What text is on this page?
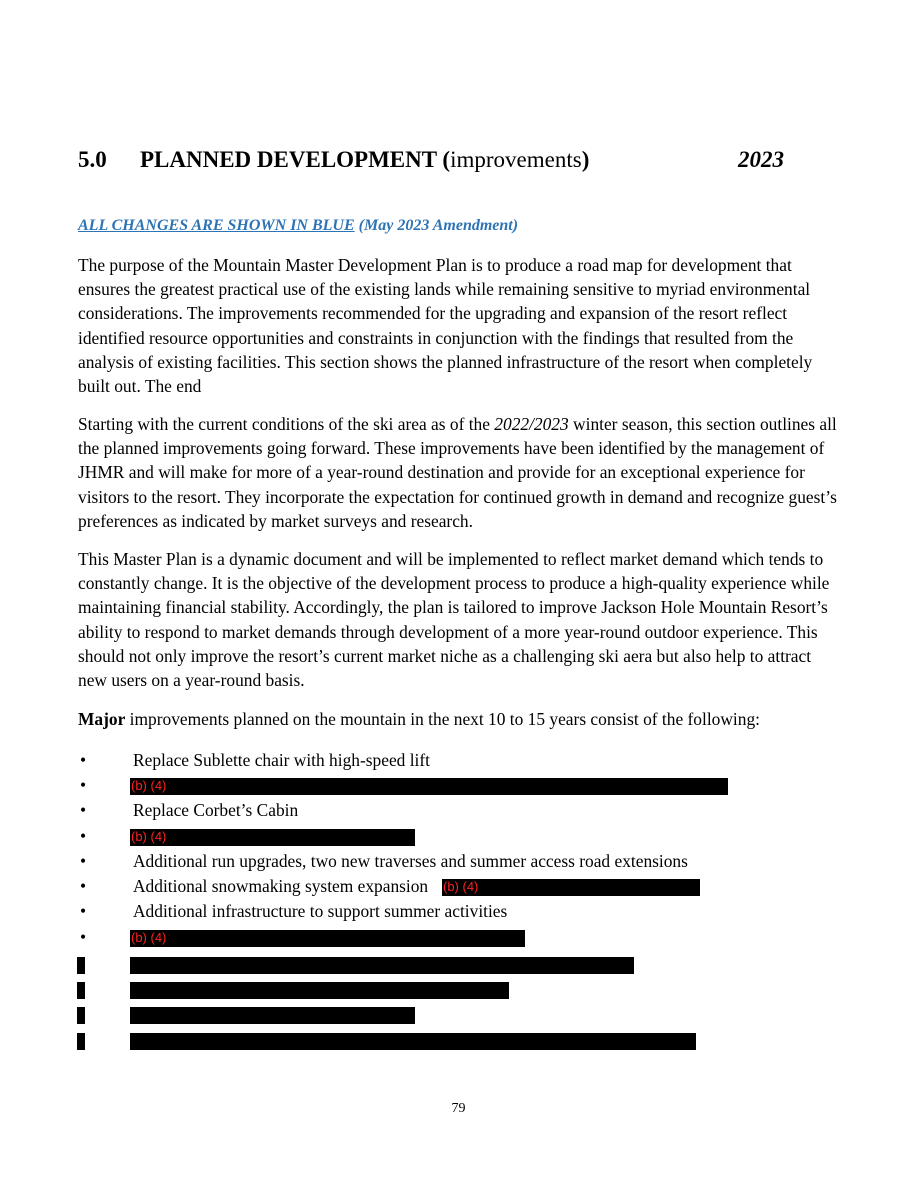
5.0 PLANNED DEVELOPMENT (improvements)	2023
ALL CHANGES ARE SHOWN IN BLUE (May 2023 Amendment)

The purpose of the Mountain Master Development Plan is to produce a road map for development that ensures the greatest practical use of the existing lands while remaining sensitive to myriad environmental considerations. The improvements recommended for the upgrading and expansion of the resort reflect identified resource opportunities and constraints in conjunction with the findings that resulted from the analysis of existing facilities. This section shows the planned infrastructure of the resort when completely built out. The end

Starting with the current conditions of the ski area as of the 2022/2023 winter season, this section outlines all the planned improvements going forward. These improvements have been identified by the management of JHMR and will make for more of a year-round destination and provide for an exceptional experience for visitors to the resort. They incorporate the expectation for continued growth in demand and recognize guest’s preferences as indicated by market surveys and research.

This Master Plan is a dynamic document and will be implemented to reflect market demand which tends to constantly change. It is the objective of the development process to produce a high-quality experience while maintaining financial stability. Accordingly, the plan is tailored to improve Jackson Hole Mountain Resort’s ability to respond to market demands through development of a more year-round outdoor experience. This should not only improve the resort’s current market niche as a challenging ski aera but also help to attract new users on a year-round basis.

Major improvements planned on the mountain in the next 10 to 15 years consist of the following:

•	Replace Sublette chair with high-speed lift
•	(b) (4)
•	Replace Corbet’s Cabin
•	(b) (4)
•	Additional run upgrades, two new traverses and summer access road extensions
•	Additional snowmaking system expansion (b) (4)
•	Additional infrastructure to support summer activities
•	(b) (4)
79
